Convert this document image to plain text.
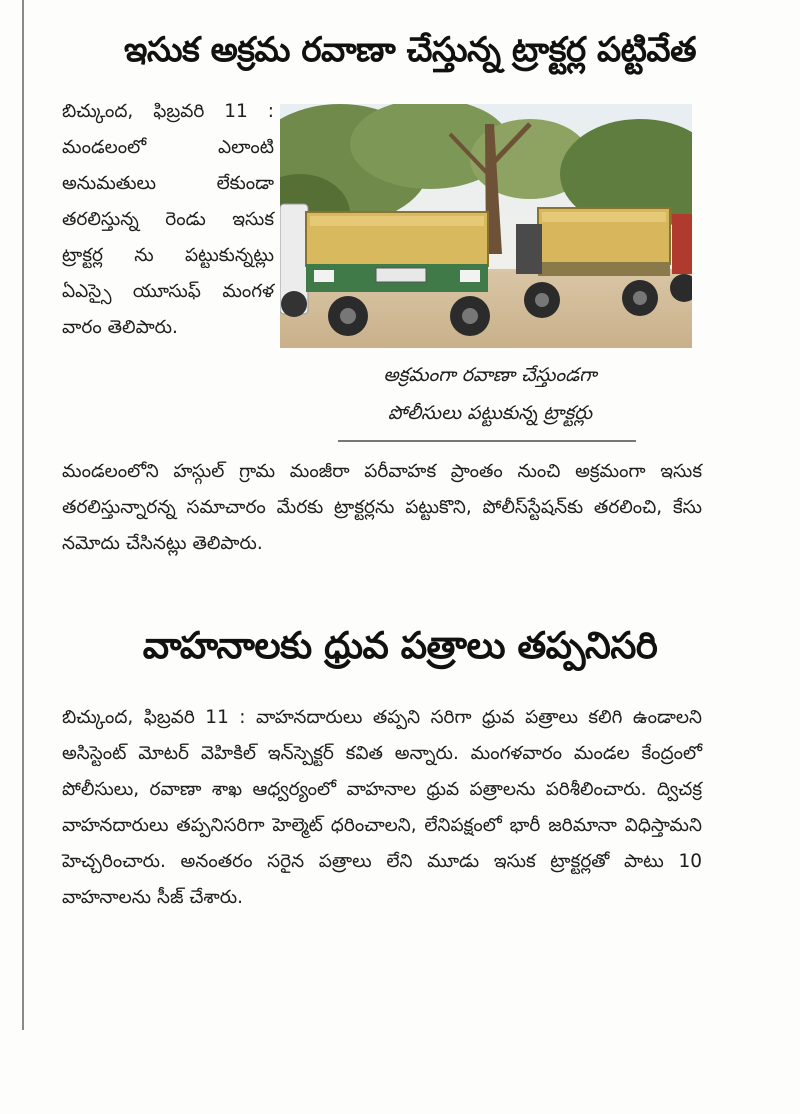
ఇసుక అక్రమ రవాణా చేస్తున్న ట్రాక్టర్ల పట్టివేత

బిచ్కుంద, ఫిబ్రవరి 11 : మండలంలో ఎలాంటి అనుమతులు లేకుండా తరలిస్తున్న రెండు ఇసుక ట్రాక్టర్ల ను పట్టుకున్నట్లు ఏఎస్సై యూసుఫ్ మంగళ వారం తెలిపారు.

అక్రమంగా రవాణా చేస్తుండగా
పోలీసులు పట్టుకున్న ట్రాక్టర్లు

మండలంలోని హస్గుల్ గ్రామ మంజీరా పరీవాహక ప్రాంతం నుంచి అక్రమంగా ఇసుక తరలిస్తున్నారన్న సమాచారం మేరకు ట్రాక్టర్లను పట్టుకొని, పోలీస్‌స్టేషన్‌కు తరలించి, కేసు నమోదు చేసినట్లు తెలిపారు.

వాహనాలకు ధ్రువ పత్రాలు తప్పనిసరి

బిచ్కుంద, ఫిబ్రవరి 11 : వాహనదారులు తప్పని సరిగా ధ్రువ పత్రాలు కలిగి ఉండాలని అసిస్టెంట్ మోటర్ వెహికిల్ ఇన్‌స్పెక్టర్ కవిత అన్నారు. మంగళవారం మండల కేంద్రంలో పోలీసులు, రవాణా శాఖ ఆధ్వర్యంలో వాహనాల ధ్రువ పత్రాలను పరిశీలించారు. ద్విచక్ర వాహనదారులు తప్పనిసరిగా హెల్మెట్ ధరించాలని, లేనిపక్షంలో భారీ జరిమానా విధిస్తామని హెచ్చరించారు. అనంతరం సరైన పత్రాలు లేని మూడు ఇసుక ట్రాక్టర్లతో పాటు 10 వాహనాలను సీజ్ చేశారు.
